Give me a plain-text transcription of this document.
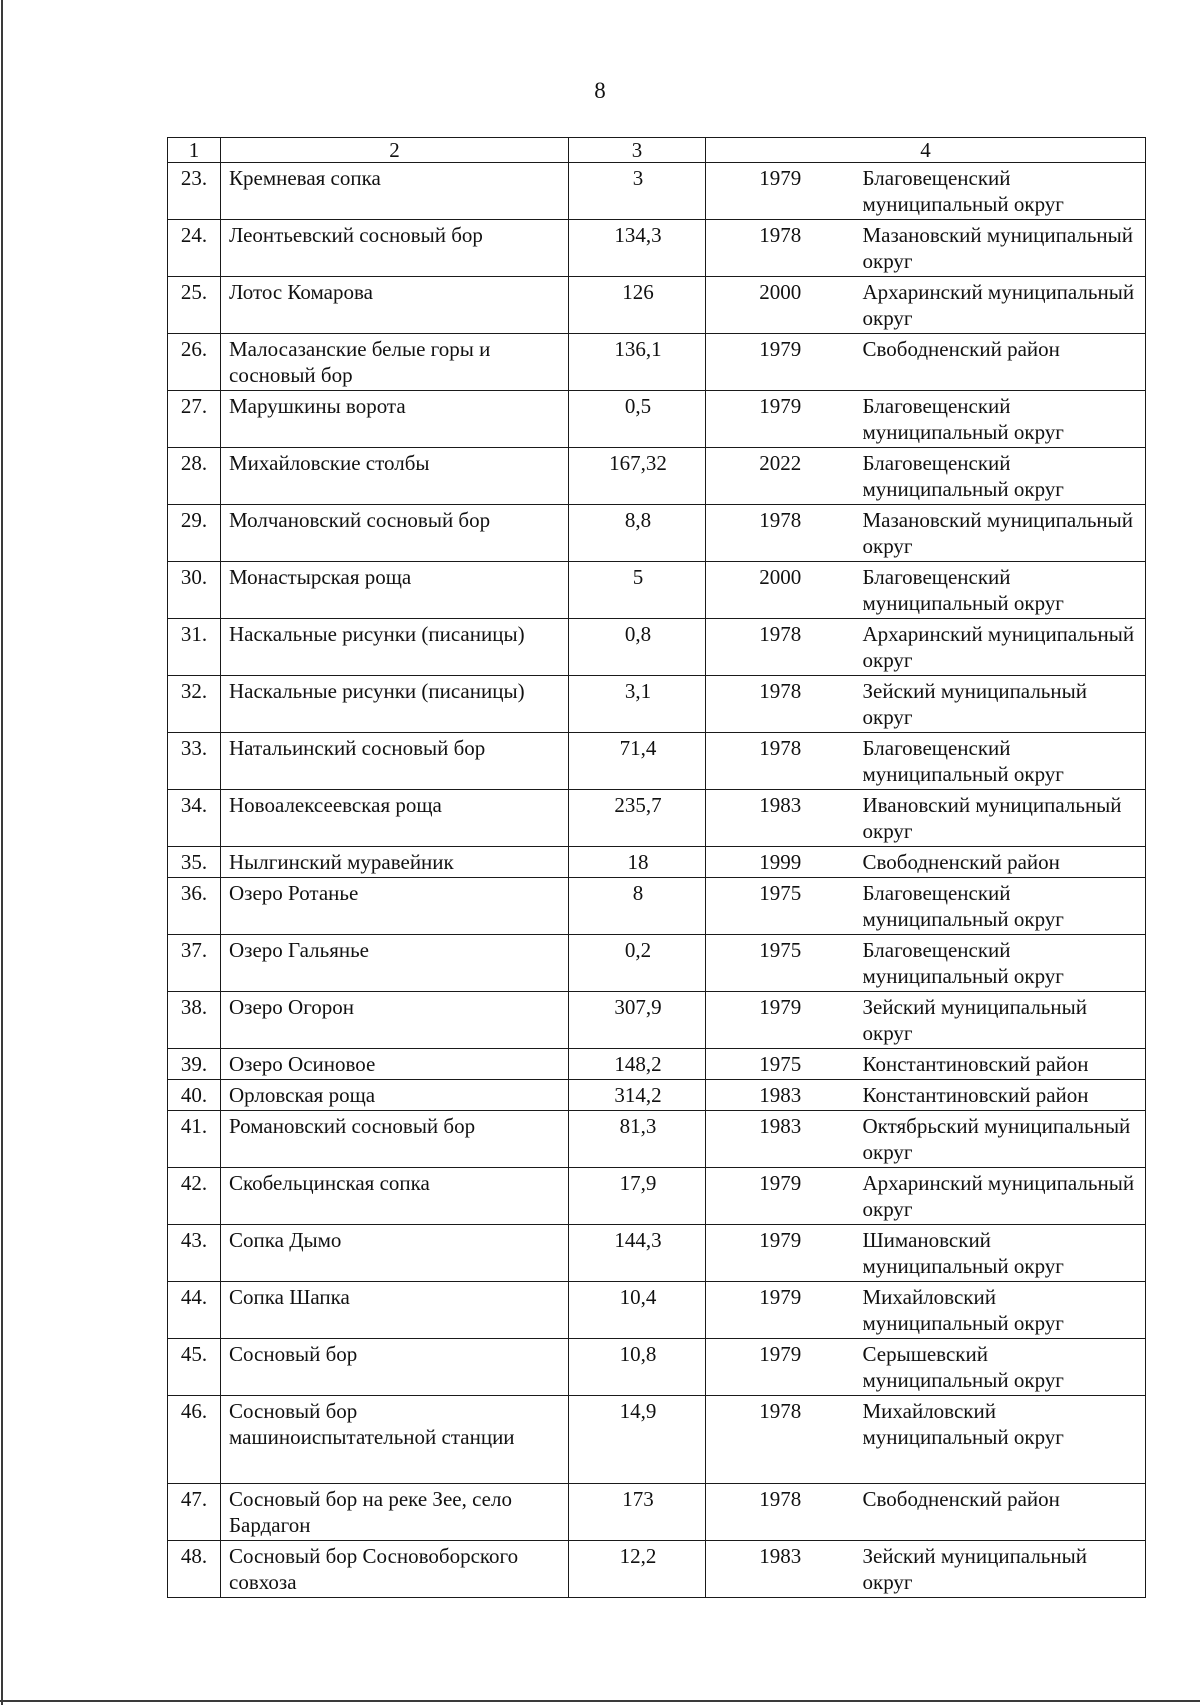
8
1	2	3	4	
23.	Кремневая сопка	3	1979	Благовещенский муниципальный округ
24.	Леонтьевский сосновый бор	134,3	1978	Мазановский муниципальный округ
25.	Лотос Комарова	126	2000	Архаринский муниципальный округ
26.	Малосазанские белые горы и сосновый бор	136,1	1979	Свободненский район
27.	Марушкины ворота	0,5	1979	Благовещенский муниципальный округ
28.	Михайловские столбы	167,32	2022	Благовещенский муниципальный округ
29.	Молчановский сосновый бор	8,8	1978	Мазановский муниципальный округ
30.	Монастырская роща	5	2000	Благовещенский муниципальный округ
31.	Наскальные рисунки (писаницы)	0,8	1978	Архаринский муниципальный округ
32.	Наскальные рисунки (писаницы)	3,1	1978	Зейский муниципальный округ
33.	Натальинский сосновый бор	71,4	1978	Благовещенский муниципальный округ
34.	Новоалексеевская роща	235,7	1983	Ивановский муниципальный округ
35.	Нылгинский муравейник	18	1999	Свободненский район
36.	Озеро Ротанье	8	1975	Благовещенский муниципальный округ
37.	Озеро Гальянье	0,2	1975	Благовещенский муниципальный округ
38.	Озеро Огорон	307,9	1979	Зейский муниципальный округ
39.	Озеро Осиновое	148,2	1975	Константиновский район
40.	Орловская роща	314,2	1983	Константиновский район
41.	Романовский сосновый бор	81,3	1983	Октябрьский муниципальный округ
42.	Скобельцинская сопка	17,9	1979	Архаринский муниципальный округ
43.	Сопка Дымо	144,3	1979	Шимановский муниципальный округ
44.	Сопка Шапка	10,4	1979	Михайловский муниципальный округ
45.	Сосновый бор	10,8	1979	Серышевский муниципальный округ
46.	Сосновый бор машиноиспытательной станции	14,9	1978	Михайловский муниципальный округ
47.	Сосновый бор на реке Зее, село Бардагон	173	1978	Свободненский район
48.	Сосновый бор Сосновоборского совхоза	12,2	1983	Зейский муниципальный округ
